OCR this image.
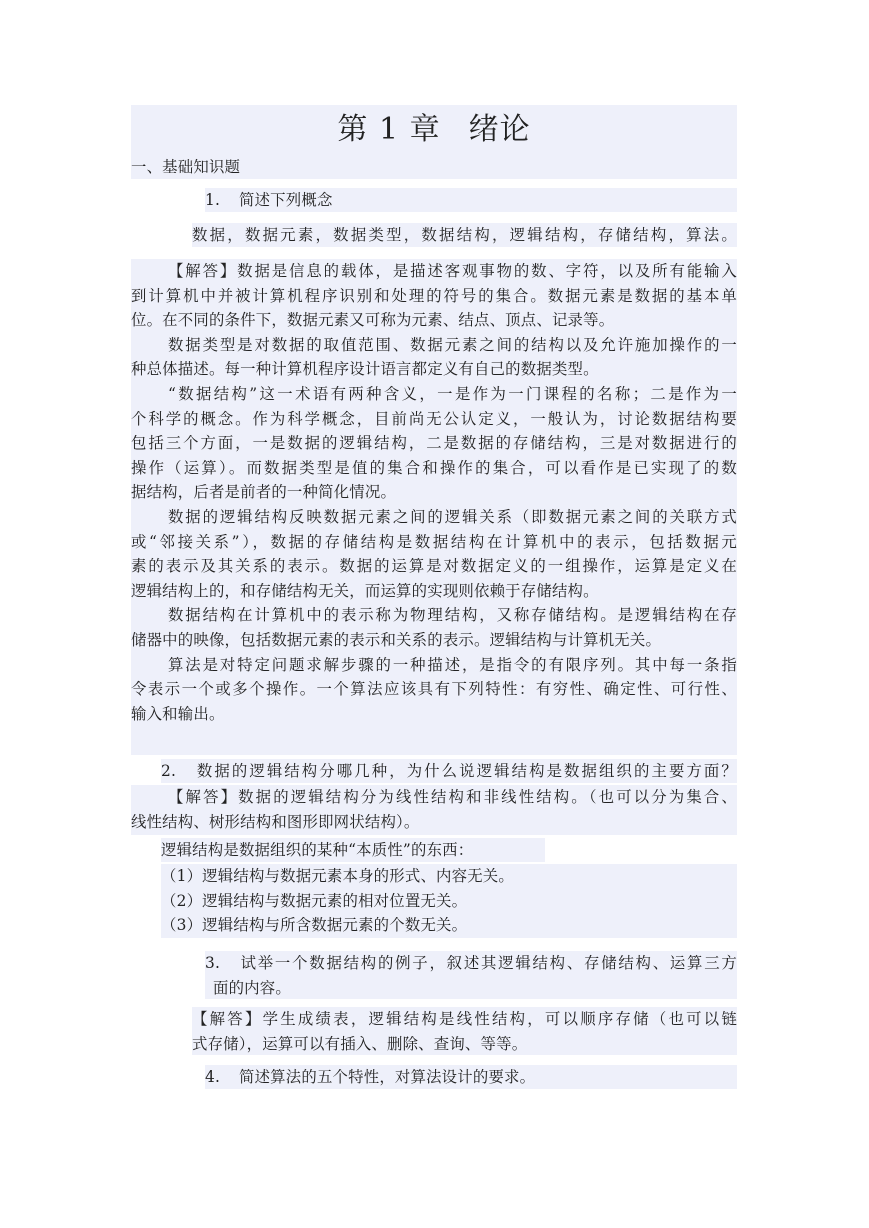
第 1 章 绪论
一、基础知识题
1. 简述下列概念
数据，数据元素，数据类型，数据结构，逻辑结构，存储结构，算法。
【解答】数据是信息的载体，是描述客观事物的数、字符，以及所有能输入
到计算机中并被计算机程序识别和处理的符号的集合。数据元素是数据的基本单
位。在不同的条件下，数据元素又可称为元素、结点、顶点、记录等。
数据类型是对数据的取值范围、数据元素之间的结构以及允许施加操作的一
种总体描述。每一种计算机程序设计语言都定义有自己的数据类型。
“数据结构”这一术语有两种含义，一是作为一门课程的名称；二是作为一
个科学的概念。作为科学概念，目前尚无公认定义，一般认为，讨论数据结构要
包括三个方面，一是数据的逻辑结构，二是数据的存储结构，三是对数据进行的
操作（运算）。而数据类型是值的集合和操作的集合，可以看作是已实现了的数
据结构，后者是前者的一种简化情况。
数据的逻辑结构反映数据元素之间的逻辑关系（即数据元素之间的关联方式
或“邻接关系”），数据的存储结构是数据结构在计算机中的表示，包括数据元
素的表示及其关系的表示。数据的运算是对数据定义的一组操作，运算是定义在
逻辑结构上的，和存储结构无关，而运算的实现则依赖于存储结构。
数据结构在计算机中的表示称为物理结构，又称存储结构。是逻辑结构在存
储器中的映像，包括数据元素的表示和关系的表示。逻辑结构与计算机无关。
算法是对特定问题求解步骤的一种描述，是指令的有限序列。其中每一条指
令表示一个或多个操作。一个算法应该具有下列特性：有穷性、确定性、可行性、
输入和输出。
2. 数据的逻辑结构分哪几种，为什么说逻辑结构是数据组织的主要方面？
【解答】数据的逻辑结构分为线性结构和非线性结构。（也可以分为集合、
线性结构、树形结构和图形即网状结构）。
逻辑结构是数据组织的某种“本质性”的东西：
（1）逻辑结构与数据元素本身的形式、内容无关。
（2）逻辑结构与数据元素的相对位置无关。
（3）逻辑结构与所含数据元素的个数无关。
3. 试举一个数据结构的例子，叙述其逻辑结构、存储结构、运算三方
面的内容。
【解答】学生成绩表，逻辑结构是线性结构，可以顺序存储（也可以链
式存储），运算可以有插入、删除、查询、等等。
4. 简述算法的五个特性，对算法设计的要求。
